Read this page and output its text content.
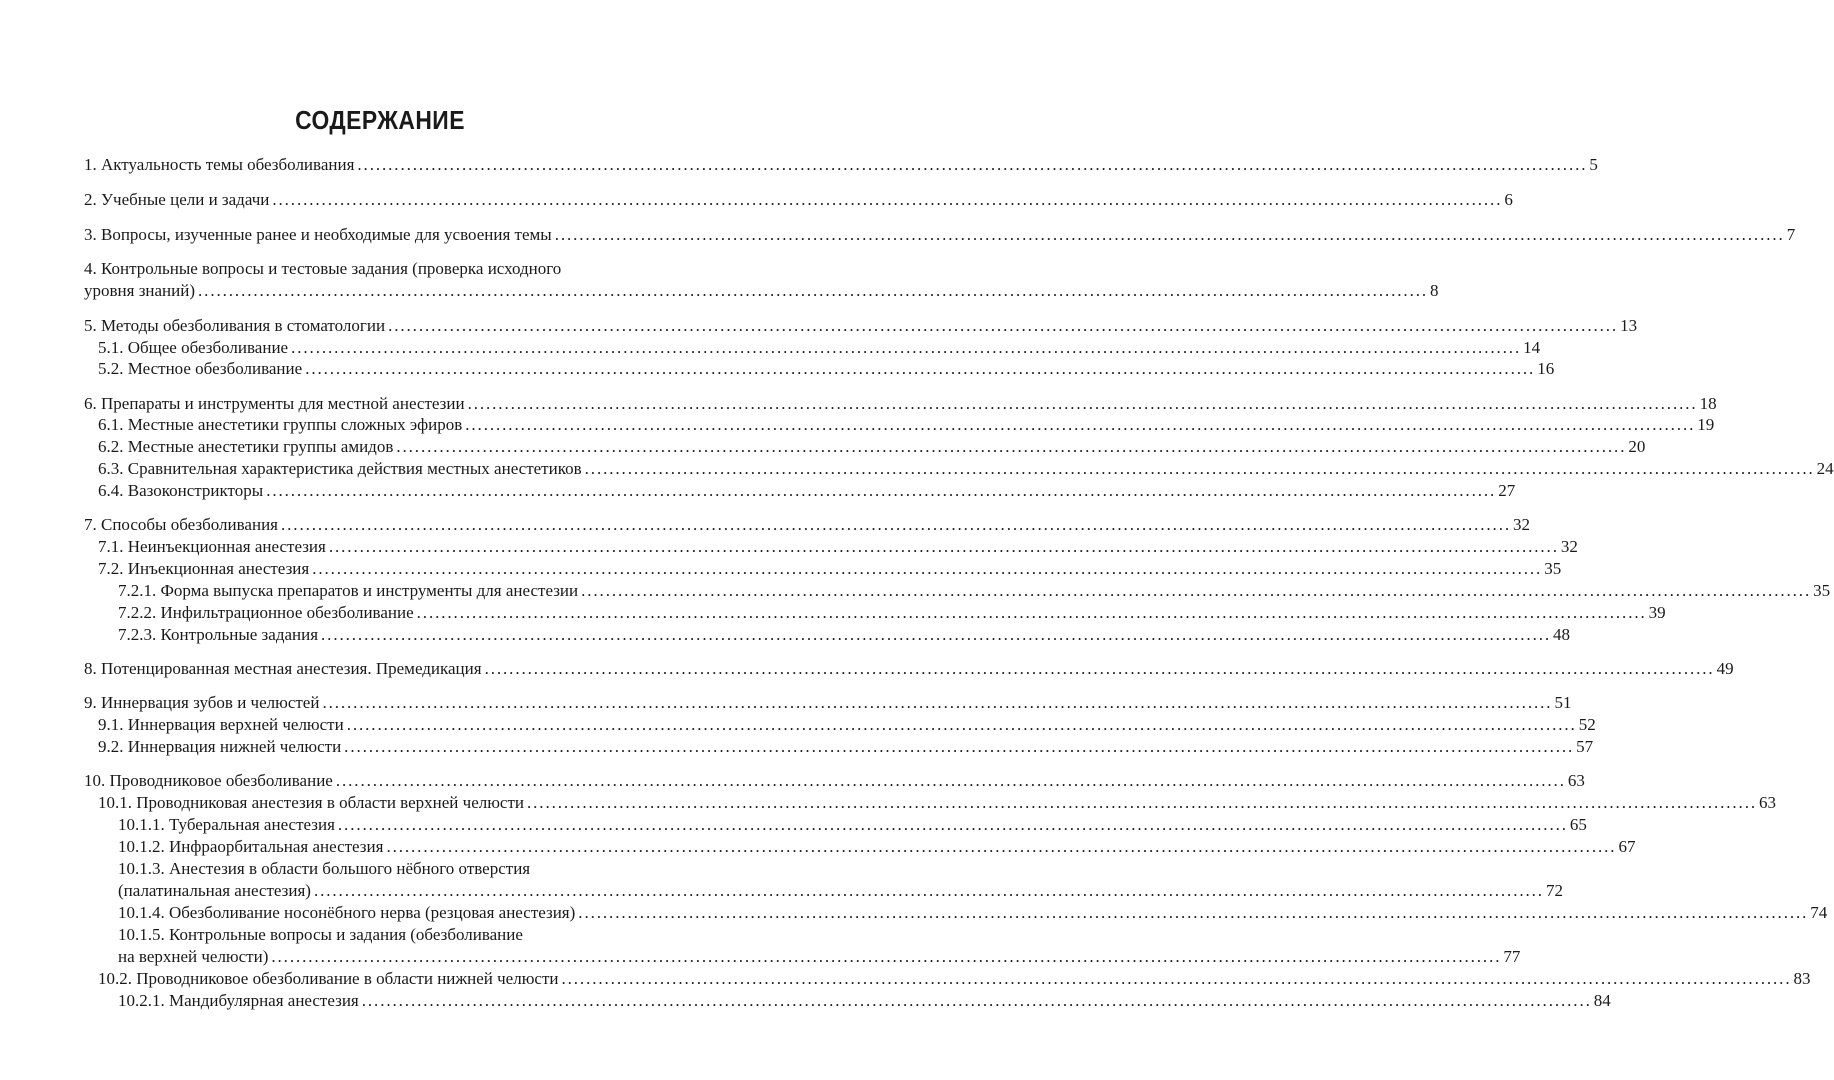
СОДЕРЖАНИЕ
1. Актуальность темы обезболивания ........................................................................................................................................................................................................ 5
2. Учебные цели и задачи ........................................................................................................................................................................................................ 6
3. Вопросы, изученные ранее и необходимые для усвоения темы ........................................................................................................................................................................................................ 7
4. Контрольные вопросы и тестовые задания (проверка исходного
уровня знаний) ........................................................................................................................................................................................................ 8
5. Методы обезболивания в стоматологии ........................................................................................................................................................................................................ 13
5.1. Общее обезболивание ........................................................................................................................................................................................................ 14
5.2. Местное обезболивание ........................................................................................................................................................................................................ 16
6. Препараты и инструменты для местной анестезии ........................................................................................................................................................................................................ 18
6.1. Местные анестетики группы сложных эфиров ........................................................................................................................................................................................................ 19
6.2. Местные анестетики группы амидов ........................................................................................................................................................................................................ 20
6.3. Сравнительная характеристика действия местных анестетиков ........................................................................................................................................................................................................ 24
6.4. Вазоконстрикторы ........................................................................................................................................................................................................ 27
7. Способы обезболивания ........................................................................................................................................................................................................ 32
7.1. Неинъекционная анестезия ........................................................................................................................................................................................................ 32
7.2. Инъекционная анестезия ........................................................................................................................................................................................................ 35
7.2.1. Форма выпуска препаратов и инструменты для анестезии ........................................................................................................................................................................................................ 35
7.2.2. Инфильтрационное обезболивание ........................................................................................................................................................................................................ 39
7.2.3. Контрольные задания ........................................................................................................................................................................................................ 48
8. Потенцированная местная анестезия. Премедикация ........................................................................................................................................................................................................ 49
9. Иннервация зубов и челюстей ........................................................................................................................................................................................................ 51
9.1. Иннервация верхней челюсти ........................................................................................................................................................................................................ 52
9.2. Иннервация нижней челюсти ........................................................................................................................................................................................................ 57
10. Проводниковое обезболивание ........................................................................................................................................................................................................ 63
10.1. Проводниковая анестезия в области верхней челюсти ........................................................................................................................................................................................................ 63
10.1.1. Туберальная анестезия ........................................................................................................................................................................................................ 65
10.1.2. Инфраорбитальная анестезия ........................................................................................................................................................................................................ 67
10.1.3. Анестезия в области большого нёбного отверстия
(палатинальная анестезия) ........................................................................................................................................................................................................ 72
10.1.4. Обезболивание носонёбного нерва (резцовая анестезия) ........................................................................................................................................................................................................ 74
10.1.5. Контрольные вопросы и задания (обезболивание
на верхней челюсти) ........................................................................................................................................................................................................ 77
10.2. Проводниковое обезболивание в области нижней челюсти ........................................................................................................................................................................................................ 83
10.2.1. Мандибулярная анестезия ........................................................................................................................................................................................................ 84
